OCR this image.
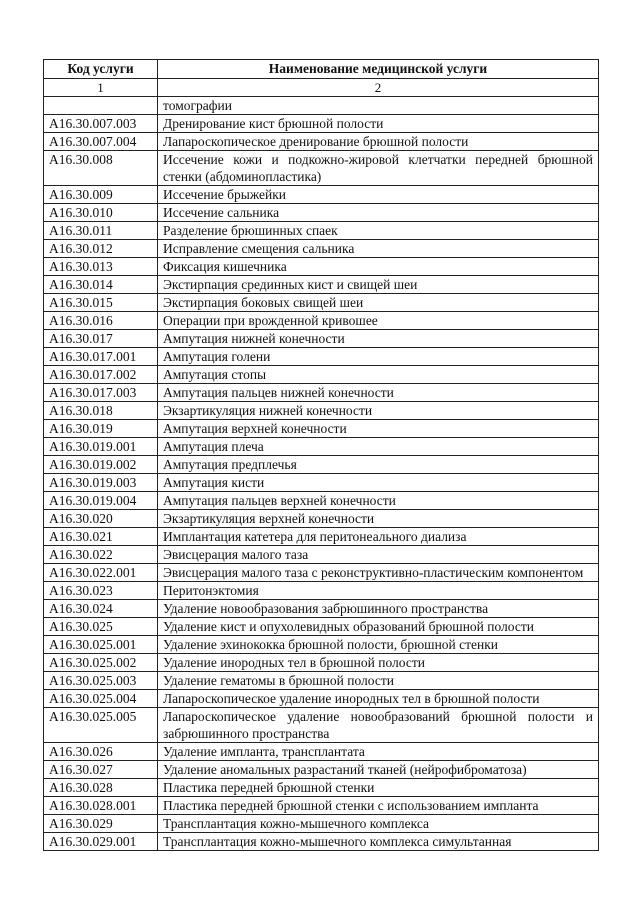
Код услуги	Наименование медицинской услуги
1	2
	томографии
A16.30.007.003	Дренирование кист брюшной полости
A16.30.007.004	Лапароскопическое дренирование брюшной полости
A16.30.008	Иссечение кожи и подкожно-жировой клетчатки передней брюшной стенки (абдоминопластика)
A16.30.009	Иссечение брыжейки
A16.30.010	Иссечение сальника
A16.30.011	Разделение брюшинных спаек
A16.30.012	Исправление смещения сальника
A16.30.013	Фиксация кишечника
A16.30.014	Экстирпация срединных кист и свищей шеи
A16.30.015	Экстирпация боковых свищей шеи
A16.30.016	Операции при врожденной кривошее
A16.30.017	Ампутация нижней конечности
A16.30.017.001	Ампутация голени
A16.30.017.002	Ампутация стопы
A16.30.017.003	Ампутация пальцев нижней конечности
A16.30.018	Экзартикуляция нижней конечности
A16.30.019	Ампутация верхней конечности
A16.30.019.001	Ампутация плеча
A16.30.019.002	Ампутация предплечья
A16.30.019.003	Ампутация кисти
A16.30.019.004	Ампутация пальцев верхней конечности
A16.30.020	Экзартикуляция верхней конечности
A16.30.021	Имплантация катетера для перитонеального диализа
A16.30.022	Эвисцерация малого таза
A16.30.022.001	Эвисцерация малого таза с реконструктивно-пластическим компонентом
A16.30.023	Перитонэктомия
A16.30.024	Удаление новообразования забрюшинного пространства
A16.30.025	Удаление кист и опухолевидных образований брюшной полости
A16.30.025.001	Удаление эхинококка брюшной полости, брюшной стенки
A16.30.025.002	Удаление инородных тел в брюшной полости
A16.30.025.003	Удаление гематомы в брюшной полости
A16.30.025.004	Лапароскопическое удаление инородных тел в брюшной полости
A16.30.025.005	Лапароскопическое удаление новообразований брюшной полости и забрюшинного пространства
A16.30.026	Удаление импланта, трансплантата
A16.30.027	Удаление аномальных разрастаний тканей (нейрофиброматоза)
A16.30.028	Пластика передней брюшной стенки
A16.30.028.001	Пластика передней брюшной стенки с использованием импланта
A16.30.029	Трансплантация кожно-мышечного комплекса
A16.30.029.001	Трансплантация кожно-мышечного комплекса симультанная
